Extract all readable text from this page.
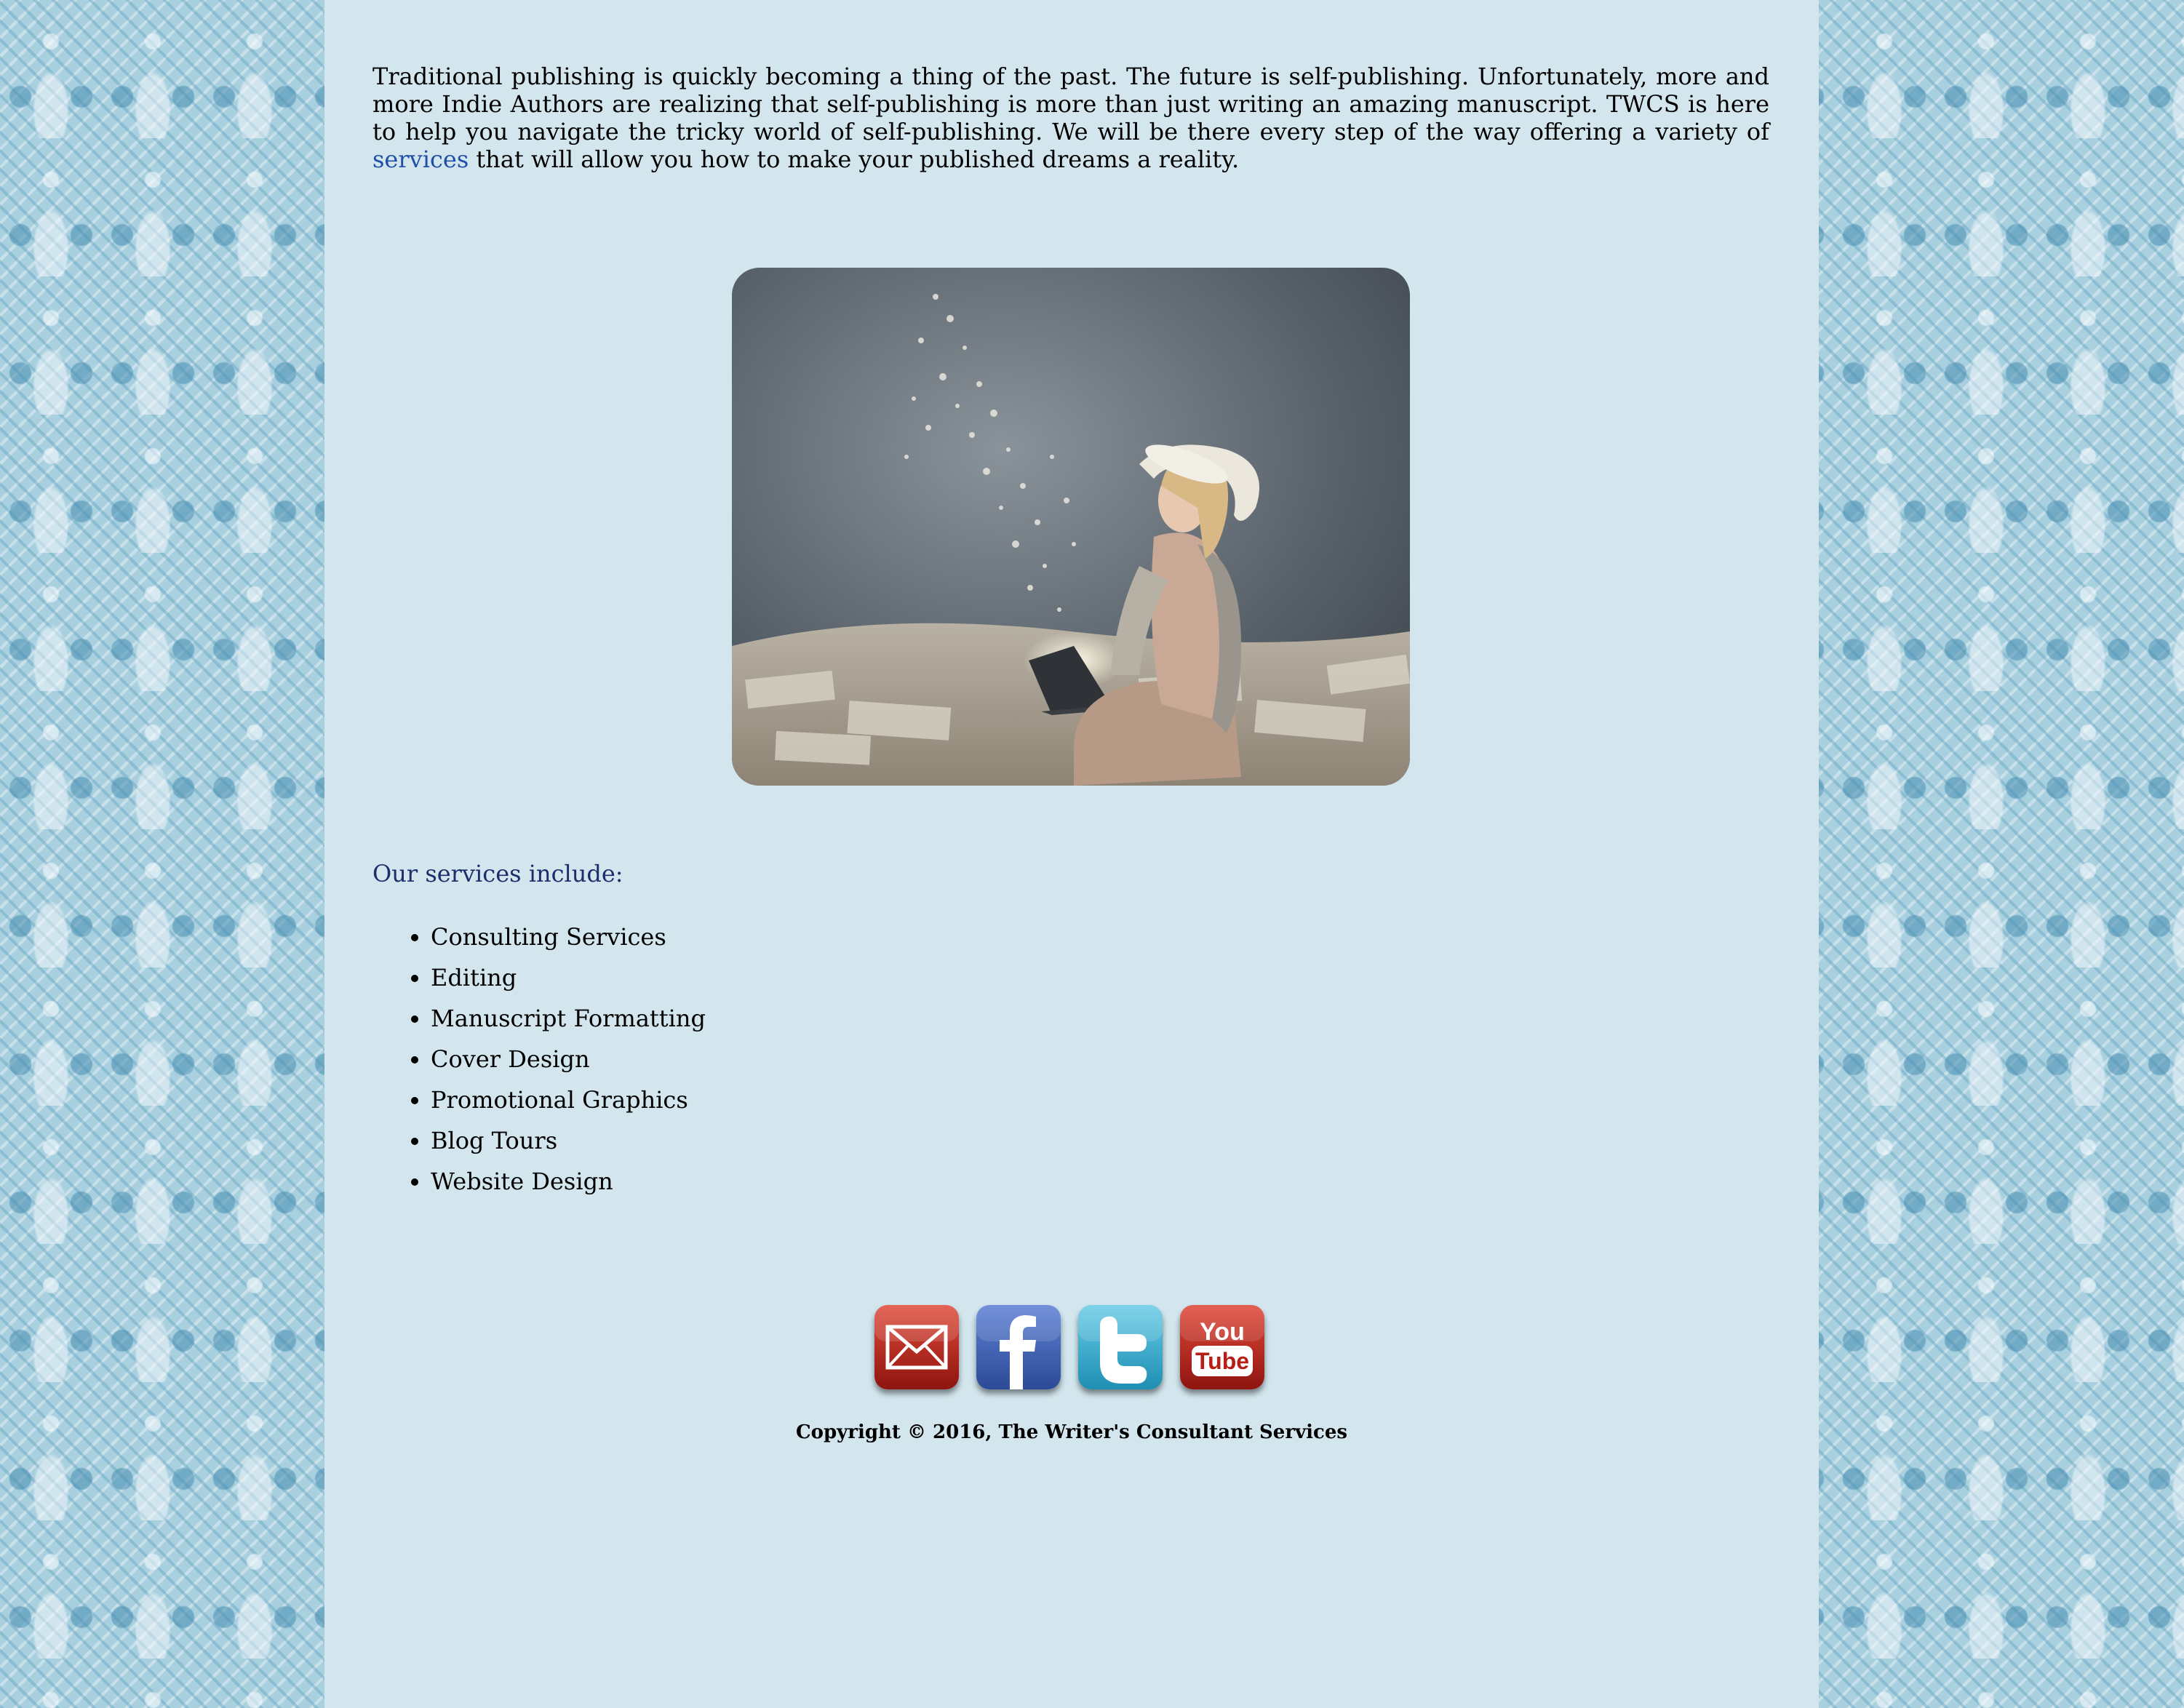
Traditional publishing is quickly becoming a thing of the past. The future is self-publishing. Unfortunately, more and more Indie Authors are realizing that self-publishing is more than just writing an amazing manuscript. TWCS is here to help you navigate the tricky world of self-publishing. We will be there every step of the way offering a variety of services that will allow you how to make your published dreams a reality.

Our services include:
• Consulting Services
• Editing
• Manuscript Formatting
• Cover Design
• Promotional Graphics
• Blog Tours
• Website Design
You
Tube

Copyright © 2016, The Writer's Consultant Services
